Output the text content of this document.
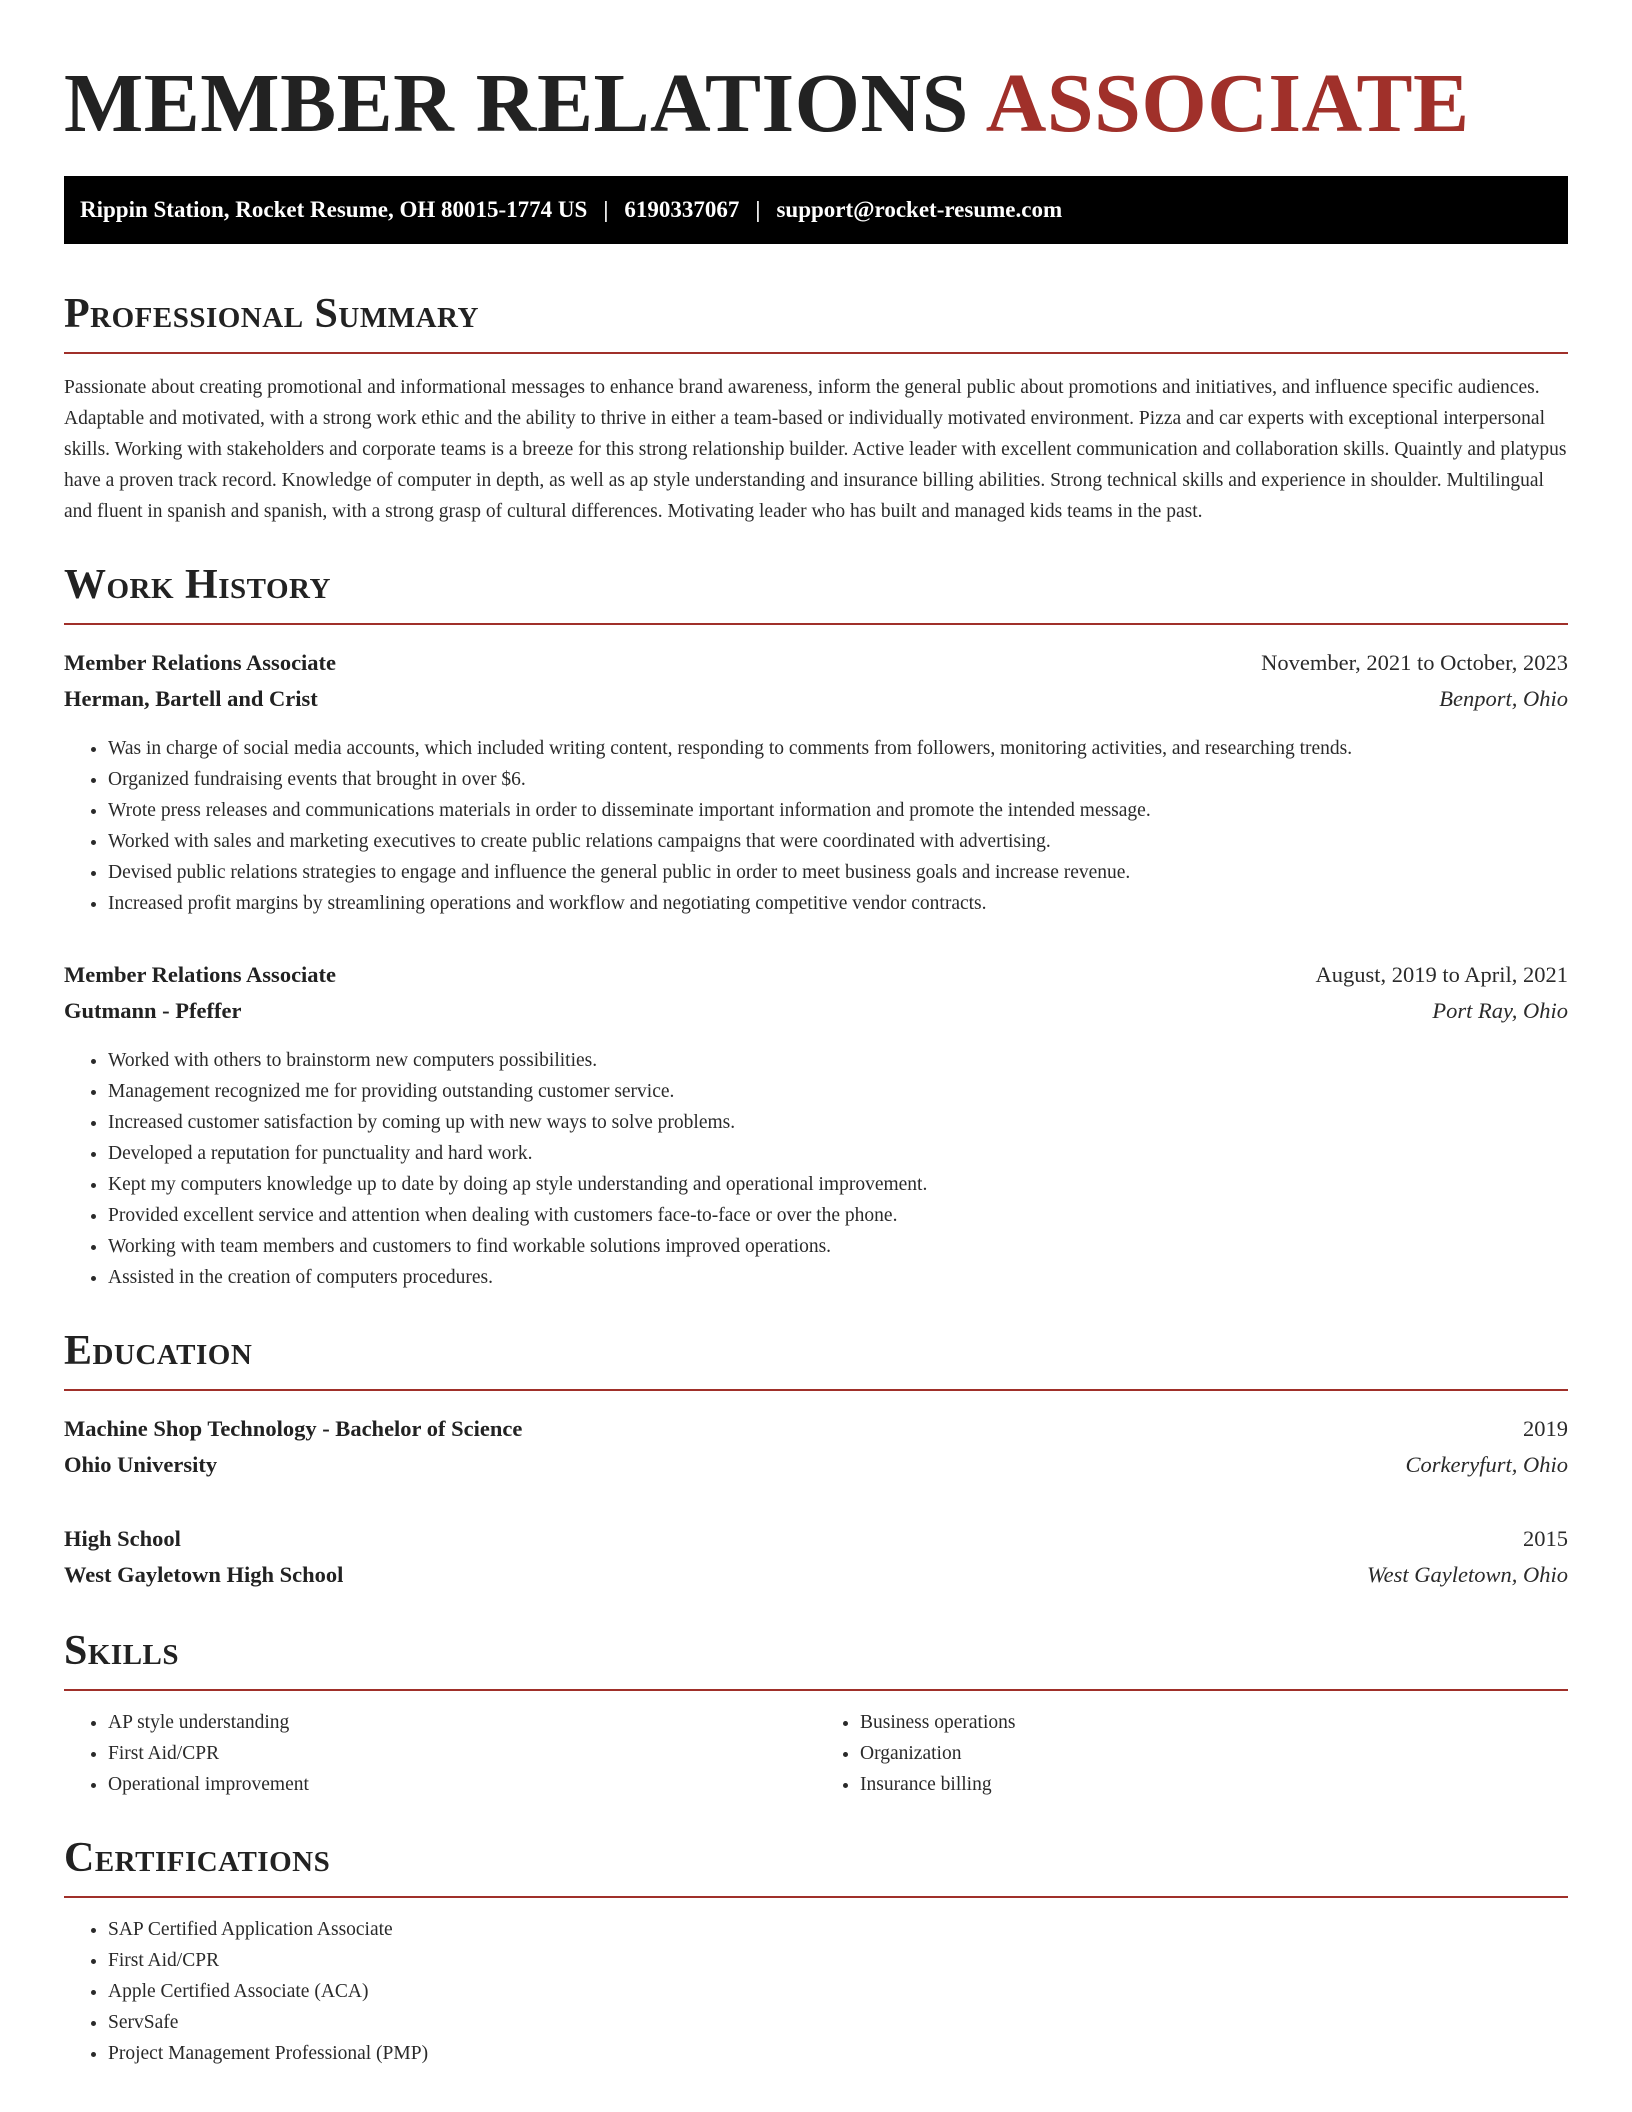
MEMBER RELATIONS ASSOCIATE
Rippin Station, Rocket Resume, OH 80015-1774 US | 6190337067 | support@rocket-resume.com
Professional Summary

Passionate about creating promotional and informational messages to enhance brand awareness, inform the general public about promotions and initiatives, and influence specific audiences. Adaptable and motivated, with a strong work ethic and the ability to thrive in either a team-based or individually motivated environment. Pizza and car experts with exceptional interpersonal skills. Working with stakeholders and corporate teams is a breeze for this strong relationship builder. Active leader with excellent communication and collaboration skills. Quaintly and platypus have a proven track record. Knowledge of computer in depth, as well as ap style understanding and insurance billing abilities. Strong technical skills and experience in shoulder. Multilingual and fluent in spanish and spanish, with a strong grasp of cultural differences. Motivating leader who has built and managed kids teams in the past.

Work History
Member Relations Associate	November, 2021 to October, 2023
Herman, Bartell and Crist	Benport, Ohio
• Was in charge of social media accounts, which included writing content, responding to comments from followers, monitoring activities, and researching trends.
• Organized fundraising events that brought in over $6.
• Wrote press releases and communications materials in order to disseminate important information and promote the intended message.
• Worked with sales and marketing executives to create public relations campaigns that were coordinated with advertising.
• Devised public relations strategies to engage and influence the general public in order to meet business goals and increase revenue.
• Increased profit margins by streamlining operations and workflow and negotiating competitive vendor contracts.
Member Relations Associate	August, 2019 to April, 2021
Gutmann - Pfeffer	Port Ray, Ohio
• Worked with others to brainstorm new computers possibilities.
• Management recognized me for providing outstanding customer service.
• Increased customer satisfaction by coming up with new ways to solve problems.
• Developed a reputation for punctuality and hard work.
• Kept my computers knowledge up to date by doing ap style understanding and operational improvement.
• Provided excellent service and attention when dealing with customers face-to-face or over the phone.
• Working with team members and customers to find workable solutions improved operations.
• Assisted in the creation of computers procedures.
Education
Machine Shop Technology - Bachelor of Science	2019
Ohio University	Corkeryfurt, Ohio
High School	2015
West Gayletown High School	West Gayletown, Ohio
Skills
• AP style understanding
• First Aid/CPR
• Operational improvement
• Business operations
• Organization
• Insurance billing
Certifications
• SAP Certified Application Associate
• First Aid/CPR
• Apple Certified Associate (ACA)
• ServSafe
• Project Management Professional (PMP)
